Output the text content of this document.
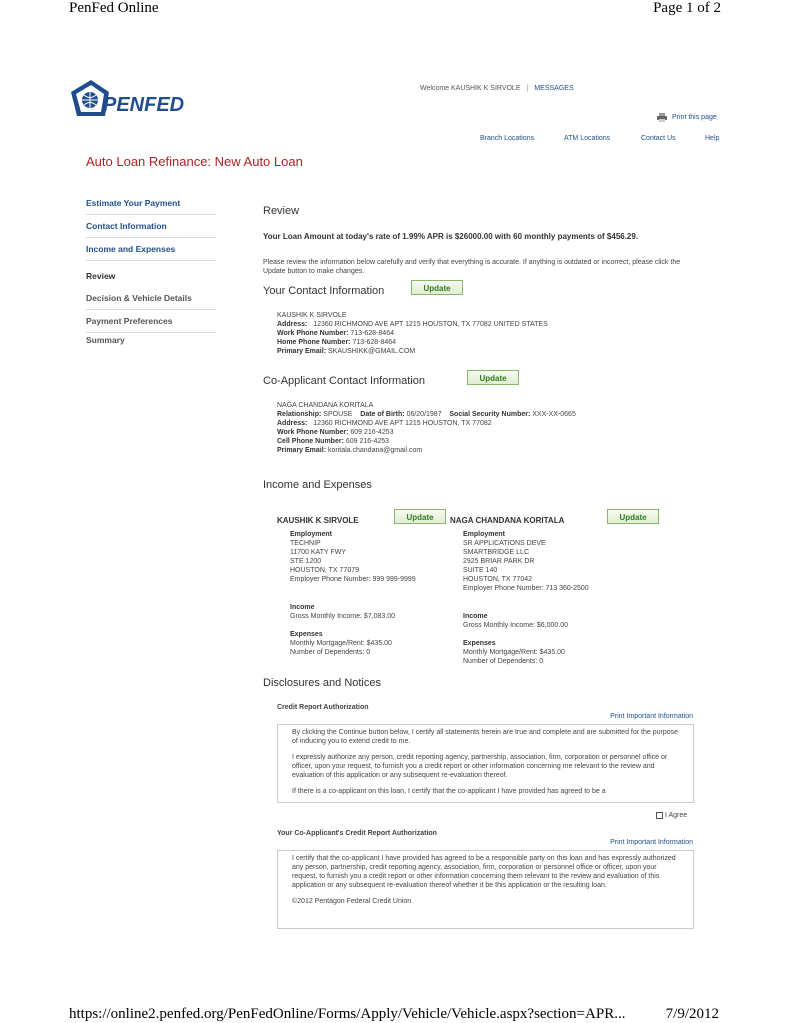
PenFed Online	Page 1 of 2
PENFED
Welcome KAUSHIK K SIRVOLE | MESSAGES
Print this page
Branch Locations	ATM Locations	Contact Us	Help
Auto Loan Refinance: New Auto Loan
Estimate Your Payment
Contact Information
Income and Expenses
Review
Decision & Vehicle Details
Payment Preferences
Summary
Review
Your Loan Amount at today's rate of 1.99% APR is $26000.00 with 60 monthly payments of $456.29.
Please review the information below carefully and verify that everything is accurate. If anything is outdated or incorrect, please click the Update button to make changes.
Your Contact Information	Update
KAUSHIK K SIRVOLE
Address: 12360 RICHMOND AVE APT 1215 HOUSTON, TX 77082 UNITED STATES
Work Phone Number: 713-628-8464
Home Phone Number: 713-628-8464
Primary Email: SKAUSHIKK@GMAIL.COM
Co-Applicant Contact Information	Update
NAGA CHANDANA KORITALA
Relationship: SPOUSE Date of Birth: 06/20/1987 Social Security Number: XXX-XX-0665
Address: 12360 RICHMOND AVE APT 1215 HOUSTON, TX 77082
Work Phone Number: 609 216-4253
Cell Phone Number: 609 216-4253
Primary Email: koritala.chandana@gmail.com
Income and Expenses
KAUSHIK K SIRVOLE	Update
Employment
TECHNIP
11700 KATY FWY
STE 1200
HOUSTON, TX 77079
Employer Phone Number: 999 999-9999
Income
Gross Monthly Income: $7,083.00
Expenses
Monthly Mortgage/Rent: $435.00
Number of Dependents: 0
NAGA CHANDANA KORITALA	Update
Employment
SR APPLICATIONS DEVE
SMARTBRIDGE LLC
2925 BRIAR PARK DR
SUITE 140
HOUSTON, TX 77042
Employer Phone Number: 713 360-2500
Income
Gross Monthly Income: $6,000.00
Expenses
Monthly Mortgage/Rent: $435.00
Number of Dependents: 0
Disclosures and Notices
Credit Report Authorization
Print Important Information

By clicking the Continue button below, I certify all statements herein are true and complete and are submitted for the purpose of inducing you to extend credit to me.

I expressly authorize any person, credit reporting agency, partnership, association, firm, corporation or personnel office or officer, upon your request, to furnish you a credit report or other information concerning me relevant to the review and evaluation of this application or any subsequent re-evaluation thereof.

If there is a co-applicant on this loan, I certify that the co-applicant I have provided has agreed to be a

I Agree
Your Co-Applicant's Credit Report Authorization
Print Important Information

I certify that the co-applicant I have provided has agreed to be a responsible party on this loan and has expressly authorized any person, partnership, credit reporting agency, association, firm, corporation or personnel office or officer, upon your request, to furnish you a credit report or other information concerning them relevant to the review and evaluation of this application or any subsequent re-evaluation thereof whether it be this application or the resulting loan.

©2012 Pentagon Federal Credit Union

https://online2.penfed.org/PenFedOnline/Forms/Apply/Vehicle/Vehicle.aspx?section=APR...	7/9/2012
